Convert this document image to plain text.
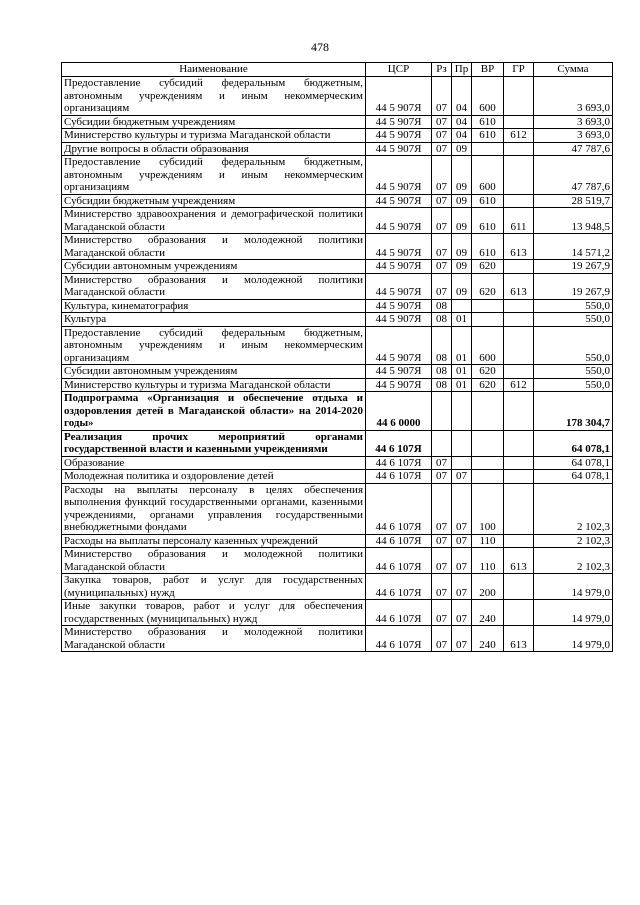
478
Наименование	ЦСР	Рз	Пр	ВР	ГР	Сумма
Предоставление субсидий федеральным бюджетным, автономным учреждениям и иным некоммерческим организациям	44 5 907Я	07	04	600		3 693,0
Субсидии бюджетным учреждениям	44 5 907Я	07	04	610		3 693,0
Министерство культуры и туризма Магаданской области	44 5 907Я	07	04	610	612	3 693,0
Другие вопросы в области образования	44 5 907Я	07	09			47 787,6
Предоставление субсидий федеральным бюджетным, автономным учреждениям и иным некоммерческим организациям	44 5 907Я	07	09	600		47 787,6
Субсидии бюджетным учреждениям	44 5 907Я	07	09	610		28 519,7
Министерство здравоохранения и демографической политики Магаданской области	44 5 907Я	07	09	610	611	13 948,5
Министерство образования и молодежной политики Магаданской области	44 5 907Я	07	09	610	613	14 571,2
Субсидии автономным учреждениям	44 5 907Я	07	09	620		19 267,9
Министерство образования и молодежной политики Магаданской области	44 5 907Я	07	09	620	613	19 267,9
Культура, кинематография	44 5 907Я	08				550,0
Культура	44 5 907Я	08	01			550,0
Предоставление субсидий федеральным бюджетным, автономным учреждениям и иным некоммерческим организациям	44 5 907Я	08	01	600		550,0
Субсидии автономным учреждениям	44 5 907Я	08	01	620		550,0
Министерство культуры и туризма Магаданской области	44 5 907Я	08	01	620	612	550,0
Подпрограмма «Организация и обеспечение отдыха и оздоровления детей в Магаданской области» на 2014-2020 годы»	44 6 0000					178 304,7
Реализация прочих мероприятий органами государственной власти и казенными учреждениями	44 6 107Я					64 078,1
Образование	44 6 107Я	07				64 078,1
Молодежная политика и оздоровление детей	44 6 107Я	07	07			64 078,1
Расходы на выплаты персоналу в целях обеспечения выполнения функций государственными органами, казенными учреждениями, органами управления государственными внебюджетными фондами	44 6 107Я	07	07	100		2 102,3
Расходы на выплаты персоналу казенных учреждений	44 6 107Я	07	07	110		2 102,3
Министерство образования и молодежной политики Магаданской области	44 6 107Я	07	07	110	613	2 102,3
Закупка товаров, работ и услуг для государственных (муниципальных) нужд	44 6 107Я	07	07	200		14 979,0
Иные закупки товаров, работ и услуг для обеспечения государственных (муниципальных) нужд	44 6 107Я	07	07	240		14 979,0
Министерство образования и молодежной политики Магаданской области	44 6 107Я	07	07	240	613	14 979,0
